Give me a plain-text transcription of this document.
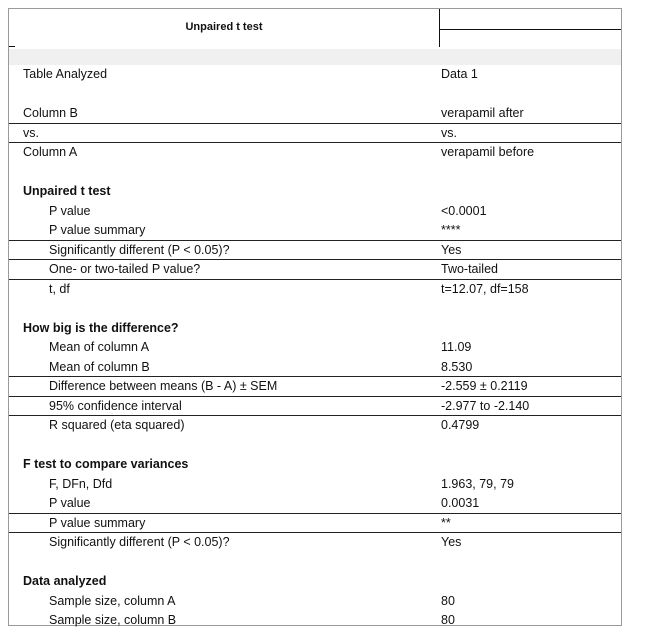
Unpaired t test
Table Analyzed	Data 1
Column B	verapamil after
vs.	vs.
Column A	verapamil before
Unpaired t test
P value	<0.0001
P value summary	****
Significantly different (P < 0.05)?	Yes
One- or two-tailed P value?	Two-tailed
t, df	t=12.07, df=158
How big is the difference?
Mean of column A	11.09
Mean of column B	8.530
Difference between means (B - A) ± SEM	-2.559 ± 0.2119
95% confidence interval	-2.977 to -2.140
R squared (eta squared)	0.4799
F test to compare variances
F, DFn, Dfd	1.963, 79, 79
P value	0.0031
P value summary	**
Significantly different (P < 0.05)?	Yes
Data analyzed
Sample size, column A	80
Sample size, column B	80
